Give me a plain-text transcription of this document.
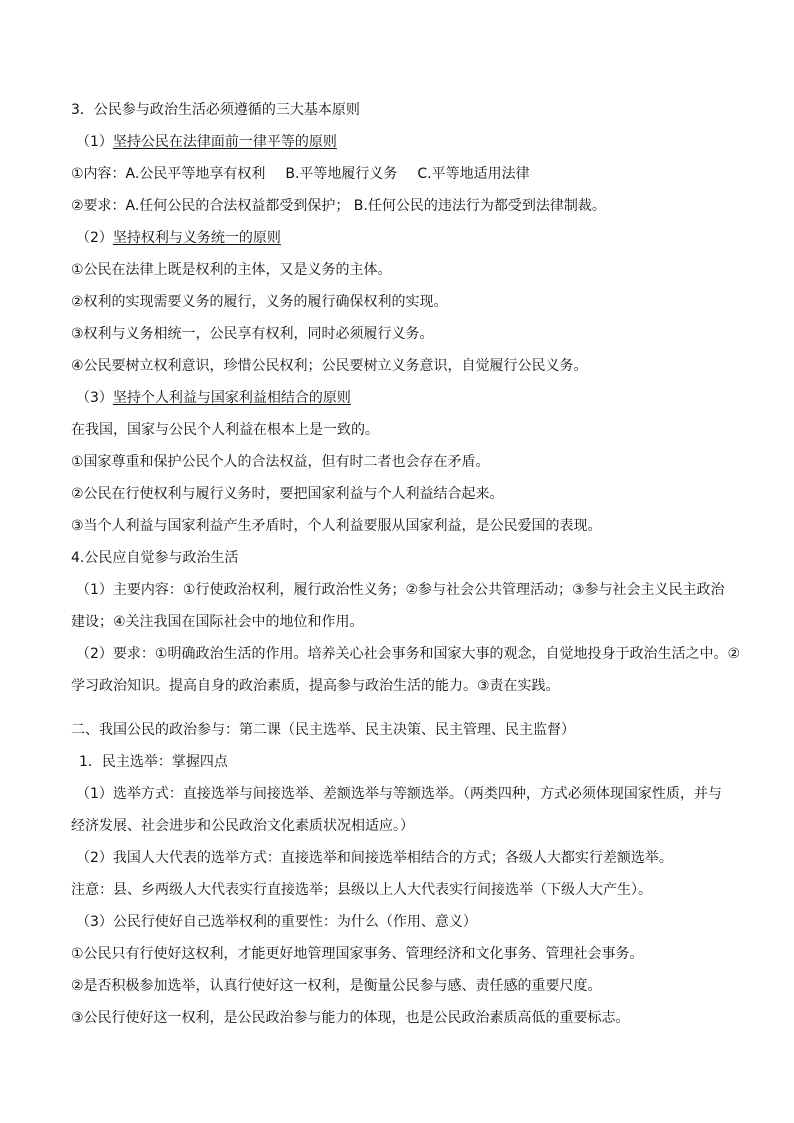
3．公民参与政治生活必须遵循的三大基本原则
（1）坚持公民在法律面前一律平等的原则
①内容：A.公民平等地享有权利 B.平等地履行义务 C.平等地适用法律
②要求：A.任何公民的合法权益都受到保护； B.任何公民的违法行为都受到法律制裁。
（2）坚持权利与义务统一的原则
①公民在法律上既是权利的主体，又是义务的主体。
②权利的实现需要义务的履行，义务的履行确保权利的实现。
③权利与义务相统一，公民享有权利，同时必须履行义务。
④公民要树立权利意识，珍惜公民权利；公民要树立义务意识，自觉履行公民义务。
（3）坚持个人利益与国家利益相结合的原则
在我国，国家与公民个人利益在根本上是一致的。
①国家尊重和保护公民个人的合法权益，但有时二者也会存在矛盾。
②公民在行使权利与履行义务时，要把国家利益与个人利益结合起来。
③当个人利益与国家利益产生矛盾时，个人利益要服从国家利益，是公民爱国的表现。
4.公民应自觉参与政治生活
（1）主要内容：①行使政治权利，履行政治性义务；②参与社会公共管理活动；③参与社会主义民主政治
建设；④关注我国在国际社会中的地位和作用。
（2）要求：①明确政治生活的作用。培养关心社会事务和国家大事的观念，自觉地投身于政治生活之中。②
学习政治知识。提高自身的政治素质，提高参与政治生活的能力。③责在实践。
二、我国公民的政治参与：第二课（民主选举、民主决策、民主管理、民主监督）
1．民主选举：掌握四点
（1）选举方式：直接选举与间接选举、差额选举与等额选举。（两类四种，方式必须体现国家性质，并与
经济发展、社会进步和公民政治文化素质状况相适应。）
（2）我国人大代表的选举方式：直接选举和间接选举相结合的方式；各级人大都实行差额选举。
注意：县、乡两级人大代表实行直接选举；县级以上人大代表实行间接选举（下级人大产生）。
（3）公民行使好自己选举权利的重要性：为什么（作用、意义）
①公民只有行使好这权利，才能更好地管理国家事务、管理经济和文化事务、管理社会事务。
②是否积极参加选举，认真行使好这一权利，是衡量公民参与感、责任感的重要尺度。
③公民行使好这一权利，是公民政治参与能力的体现，也是公民政治素质高低的重要标志。
